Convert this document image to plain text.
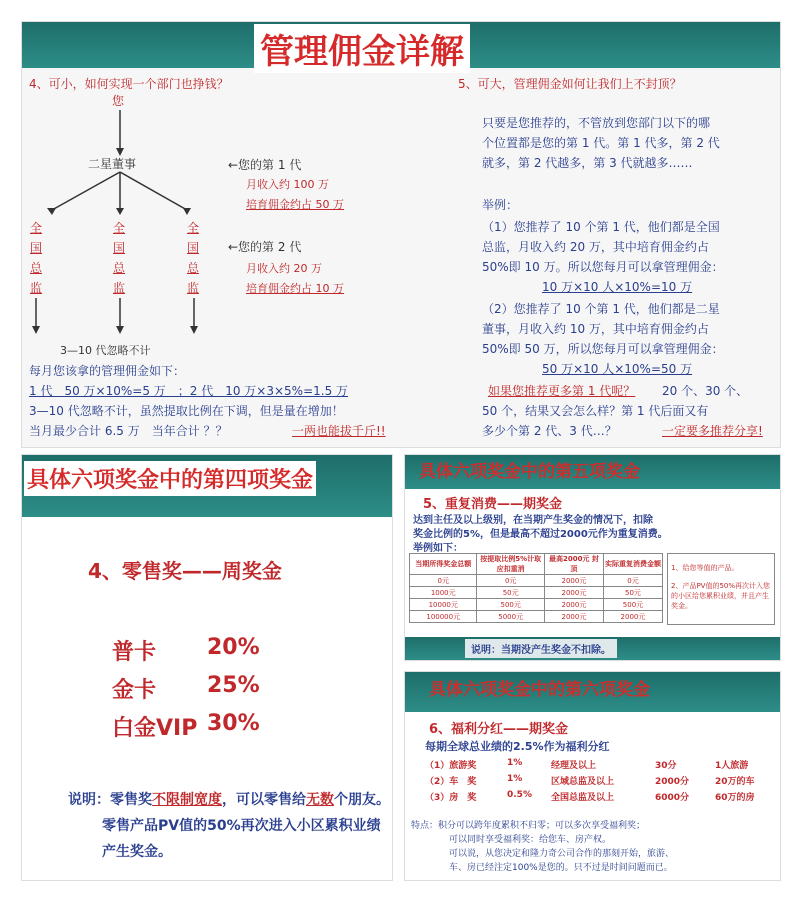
管理佣金详解
4、可小，如何实现一个部门也挣钱？
您
二星董事	←您的第 1 代
月收入约 100 万
培育佣金约占 50 万
全国总监
全国总监
全国总监
←您的第 2 代
月收入约 20 万
培育佣金约占 10 万
3—10 代忽略不计
每月您该拿的管理佣金如下：
1 代　50 万×10%=5 万　；2 代　10 万×3×5%=1.5 万
3—10 代忽略不计，虽然提取比例在下调，但是量在增加！
当月最少合计 6.5 万　当年合计 ？？	一两也能拔千斤!!
5、可大，管理佣金如何让我们上不封顶？
只要是您推荐的，不管放到您部门以下的哪
个位置都是您的第 1 代。第 1 代多，第 2 代
就多，第 2 代越多，第 3 代就越多……
举例：
（1）您推荐了 10 个第 1 代，他们都是全国
总监，月收入约 20 万，其中培育佣金约占
50%即 10 万。所以您每月可以拿管理佣金：
10 万×10 人×10%=10 万
（2）您推荐了 10 个第 1 代，他们都是二星
董事，月收入约 10 万，其中培育佣金约占
50%即 50 万，所以您每月可以拿管理佣金：
50 万×10 人×10%=50 万
如果您推荐更多第 1 代呢？ 20 个、30 个、
50 个，结果又会怎么样？第 1 代后面又有
多少个第 2 代、3 代…？	一定要多推荐分享!
具体六项奖金中的第四项奖金
4、零售奖——周奖金
普卡 20%
金卡 25%
白金VIP 30%
说明：零售奖不限制宽度，可以零售给无数个朋友。
零售产品PV值的50%再次进入小区累积业绩
产生奖金。
具体六项奖金中的第五项奖金
5、重复消费——期奖金
达到主任及以上级别，在当期产生奖金的情况下，扣除
奖金比例的5%，但是最高不超过2000元作为重复消费。
举例如下：
当期所得奖金总额	按提取比例5%计取应扣重消	最高2000元 封 顶	实际重复消费金额
0元	0元	2000元	0元
1000元	50元	2000元	50元
10000元	500元	2000元	500元
100000元	5000元	2000元	2000元
1、给您等值的产品。
2、产品PV值的50%再次计入您的小区给您累积业绩，并且产生奖金。
说明：当期没产生奖金不扣除。
具体六项奖金中的第六项奖金
6、福利分红——期奖金
每期全球总业绩的2.5%作为福利分红
（1）旅游奖	1%	经理及以上	30分	1人旅游
（2）车　奖	1%	区域总监及以上	2000分	20万的车
（3）房　奖	0.5% 全国总监及以上	6000分	60万的房
特点：积分可以跨年度累积不归零；可以多次享受福利奖；
可以同时享受福利奖：给您车、房产权。
可以说，从您决定和隆力奇公司合作的那刻开始，旅游、
车、房已经注定100%是您的。只不过是时间问题而已。
